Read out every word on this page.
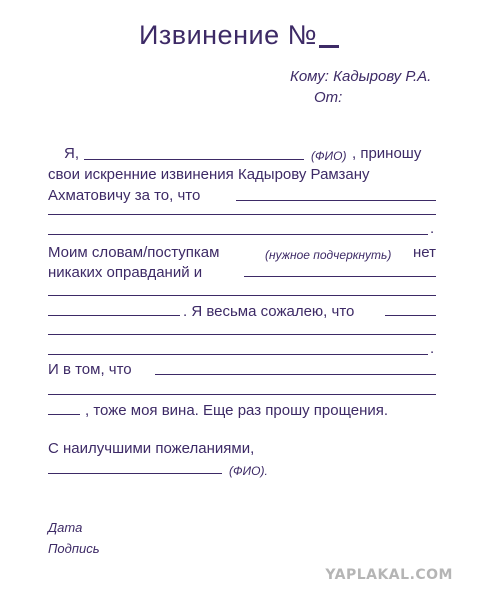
Извинение №
Кому: Кадырову Р.А.
От:
Я,	(ФИО) , приношу
свои искренние извинения Кадырову Рамзану
Ахматовичу за то, что
.
Моим словам/поступкам	(нужное подчеркнуть) нет
никаких оправданий и
. Я весьма сожалею, что
.
И в том, что
, тоже моя вина. Еще раз прошу прощения.
С наилучшими пожеланиями,
(ФИО).
Дата
Подпись
YAPLAKAL.COM
